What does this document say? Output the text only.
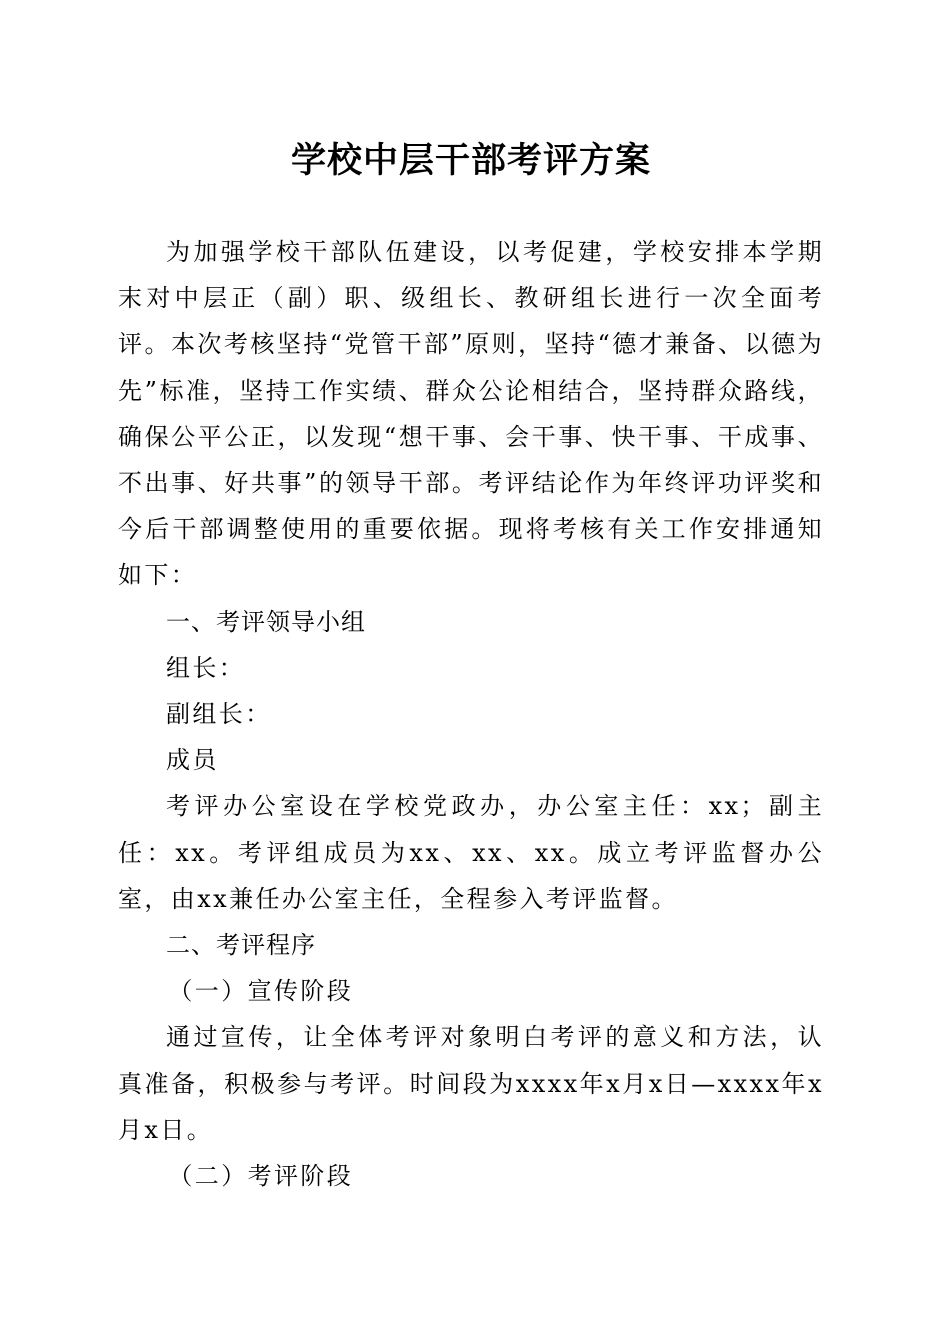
学校中层干部考评方案

为加强学校干部队伍建设，以考促建，学校安排本学期末对中层正（副）职、级组长、教研组长进行一次全面考评。本次考核坚持“党管干部”原则，坚持“德才兼备、以德为先”标准，坚持工作实绩、群众公论相结合，坚持群众路线，确保公平公正，以发现“想干事、会干事、快干事、干成事、不出事、好共事”的领导干部。考评结论作为年终评功评奖和今后干部调整使用的重要依据。现将考核有关工作安排通知如下：

一、考评领导小组

组长：

副组长：

成员

考评办公室设在学校党政办，办公室主任：xx；副主任：xx。考评组成员为xx、xx、xx。成立考评监督办公室，由xx兼任办公室主任，全程参入考评监督。

二、考评程序

（一）宣传阶段

通过宣传，让全体考评对象明白考评的意义和方法，认真准备，积极参与考评。时间段为xxxx年x月x日—xxxx年x月x日。

（二）考评阶段
